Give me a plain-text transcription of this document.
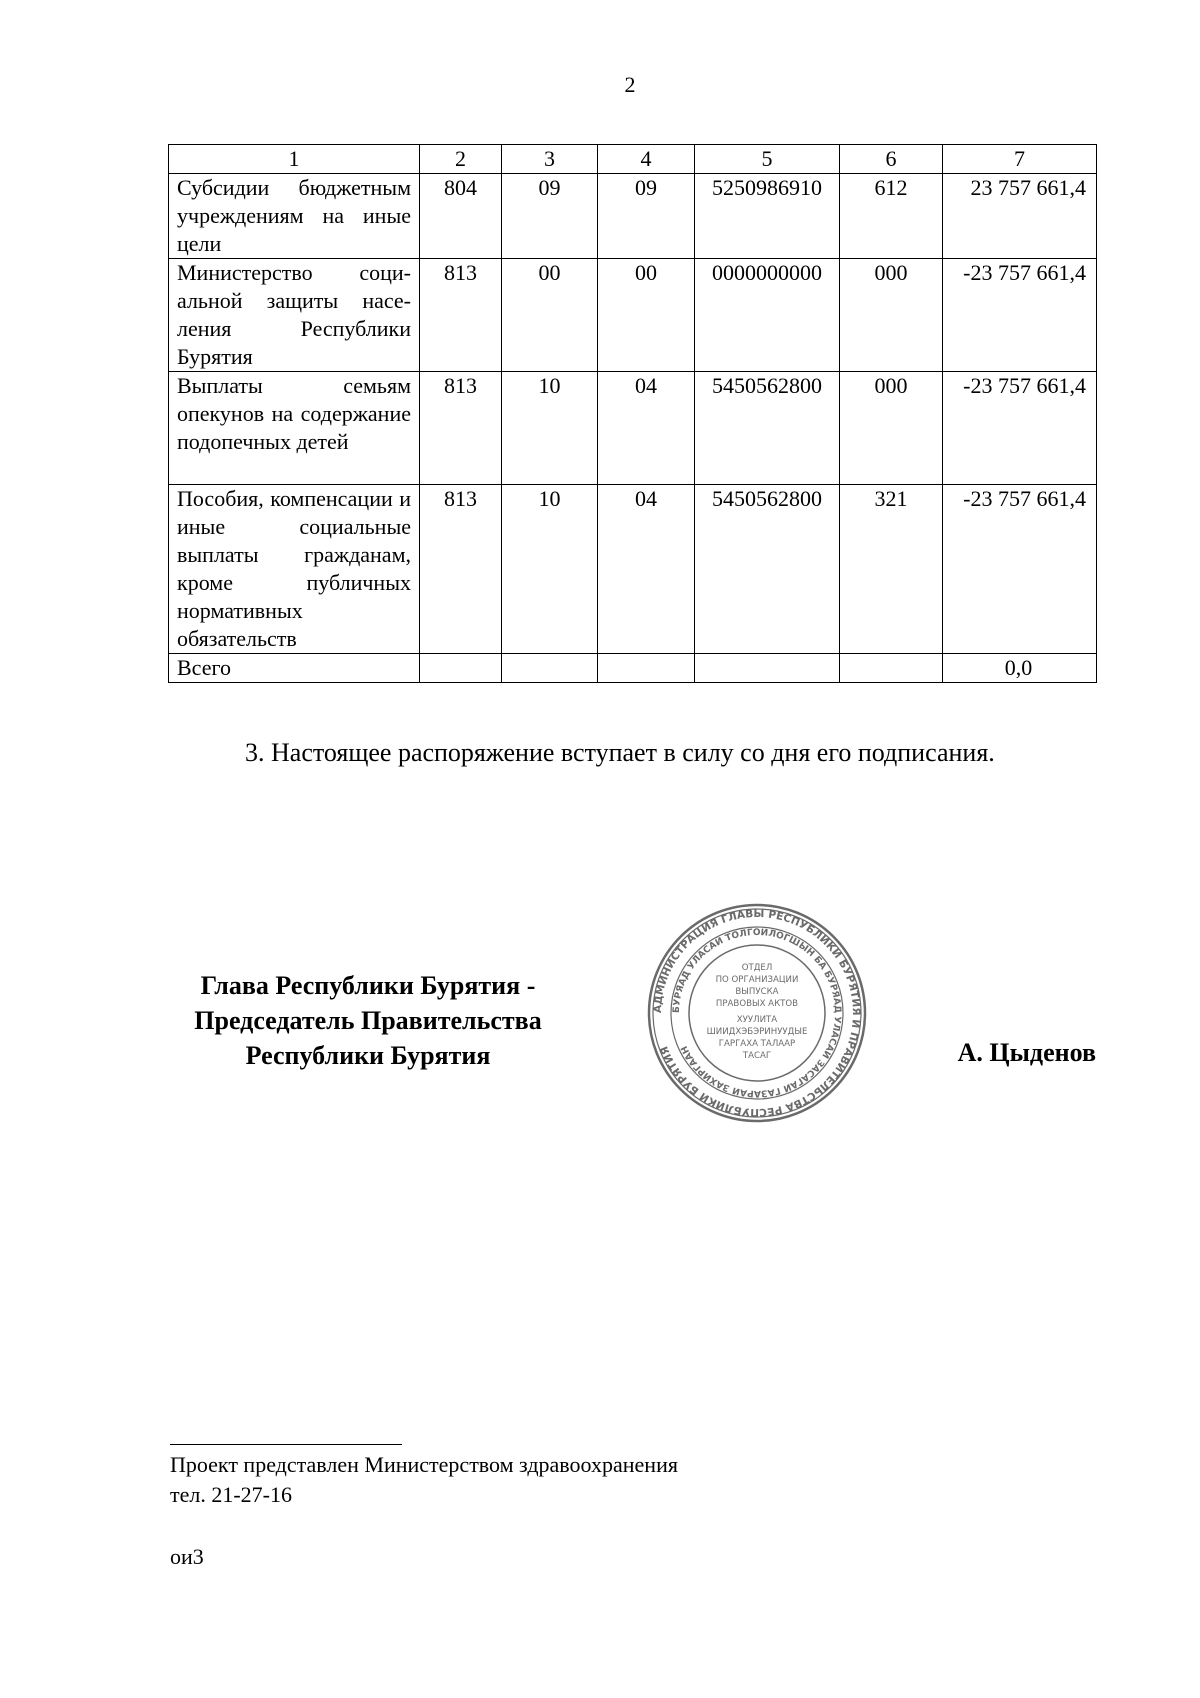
2
1	2	3	4	5	6	7
Субсидии бюджетным учреждениям на иные цели	804	09	09	5250986910	612	23 757 661,4
Министерство социальной защиты населения Республики Бурятия	813	00	00	0000000000	000	-23 757 661,4
Выплаты семьям опекунов на содержание подопечных детей	813	10	04	5450562800	000	-23 757 661,4
Пособия, компенсации и иные социальные выплаты гражданам, кроме публичных нормативных обязательств	813	10	04	5450562800	321	-23 757 661,4
Всего						0,0
3. Настоящее распоряжение вступает в силу со дня его подписания.
Глава Республики Бурятия -
Председатель Правительства
Республики Бурятия
АДМИНИСТРАЦИЯ ГЛАВЫ РЕСПУБЛИКИ БУРЯТИЯ И ПРАВИТЕЛЬСТВА РЕСПУБЛИКИ БУРЯТИЯ
БУРЯАД УЛАСАЙ ТОЛГОЙЛОГШЫН БА БУРЯАД УЛАСАЙ ЗАСАГАЙ ГАЗАРАЙ ЗАХИРГААН
ОТДЕЛ
ПО ОРГАНИЗАЦИИ
ВЫПУСКА
ПРАВОВЫХ АКТОВ
ХУУЛИТА
ШИИДХЭБЭРИНУУДЫЕ
ГАРГАХА ТАЛААР
ТАСАГ	А. Цыденов
Проект представлен Министерством здравоохранения
тел. 21-27-16
ои3
